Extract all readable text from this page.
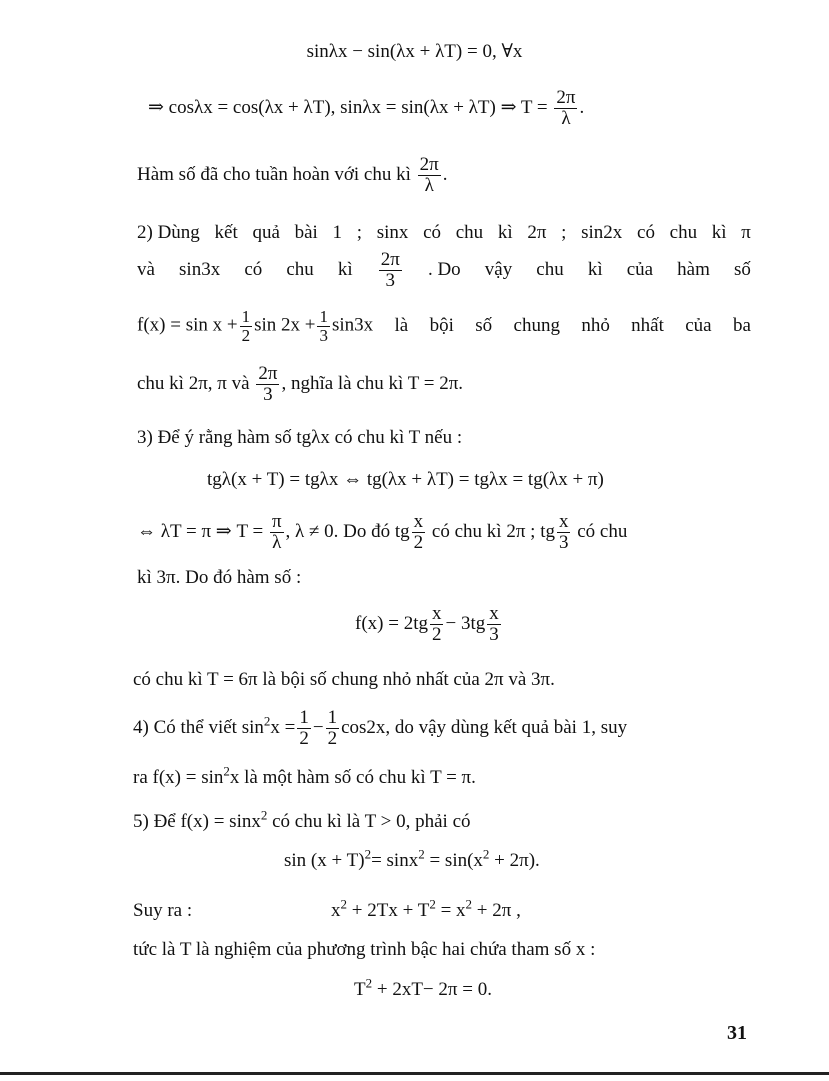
sinλx − sin(λx + λT) = 0, ∀x
⇒ cosλx = cos(λx + λT), sinλx = sin(λx + λT) ⇒ $T = \frac{2\pi}{\lambda}$ .
Hàm số đã cho tuần hoàn với chu kì $\frac{2\pi}{\lambda}$ .
2) Dùng kết quả bài 1 ; sinx có chu kì 2π ; sin2x có chu kì π
và sin3x có chu kì $\frac{2\pi}{3}$ . Do vậy chu kì của hàm số
$f(x) = \sin x + \frac{1}{2}$ $\sin 2x + \frac{1}{3} \sin 3x$ là bội số chung nhỏ nhất của ba
chu kì 2π, π và $\frac{2\pi}{3}$ , nghĩa là chu kì T = 2π.
3) Để ý rằng hàm số tgλx có chu kì T nếu :
tgλ(x + T) = tgλx ⇔ tg(λx + λT) = tgλx = tg(λx + π)
⇔ λT = π ⇒ $T = \frac{\pi}{\lambda}$ , λ ≠ 0. Do đó tg $\frac{x}{2}$ có chu kì 2π ; tg $\frac{x}{3}$ có chu
kì 3π. Do đó hàm số :
$f(x) = 2tg \frac{x}{2} - 3tg \frac{x}{3}$
có chu kì T = 6π là bội số chung nhỏ nhất của 2π và 3π.
4) Có thể viết $\sin^2x = \frac{1}{2} - \frac{1}{2} \cos 2x$, do vậy dùng kết quả bài 1, suy
ra $f(x) = \sin^2x$ là một hàm số có chu kì T = π.
5) Để f(x) = sinx$^2$ có chu kì là T > 0, phải có
$\sin (x + T)^2= \sin x^2 = \sin(x^2 + 2\pi)$.
Suy ra :	$x^2 + 2Tx + T^2 = x^2 + 2\pi$ ,
tức là T là nghiệm của phương trình bậc hai chứa tham số x :
$T^2 + 2xT- 2\pi = 0$.
31
